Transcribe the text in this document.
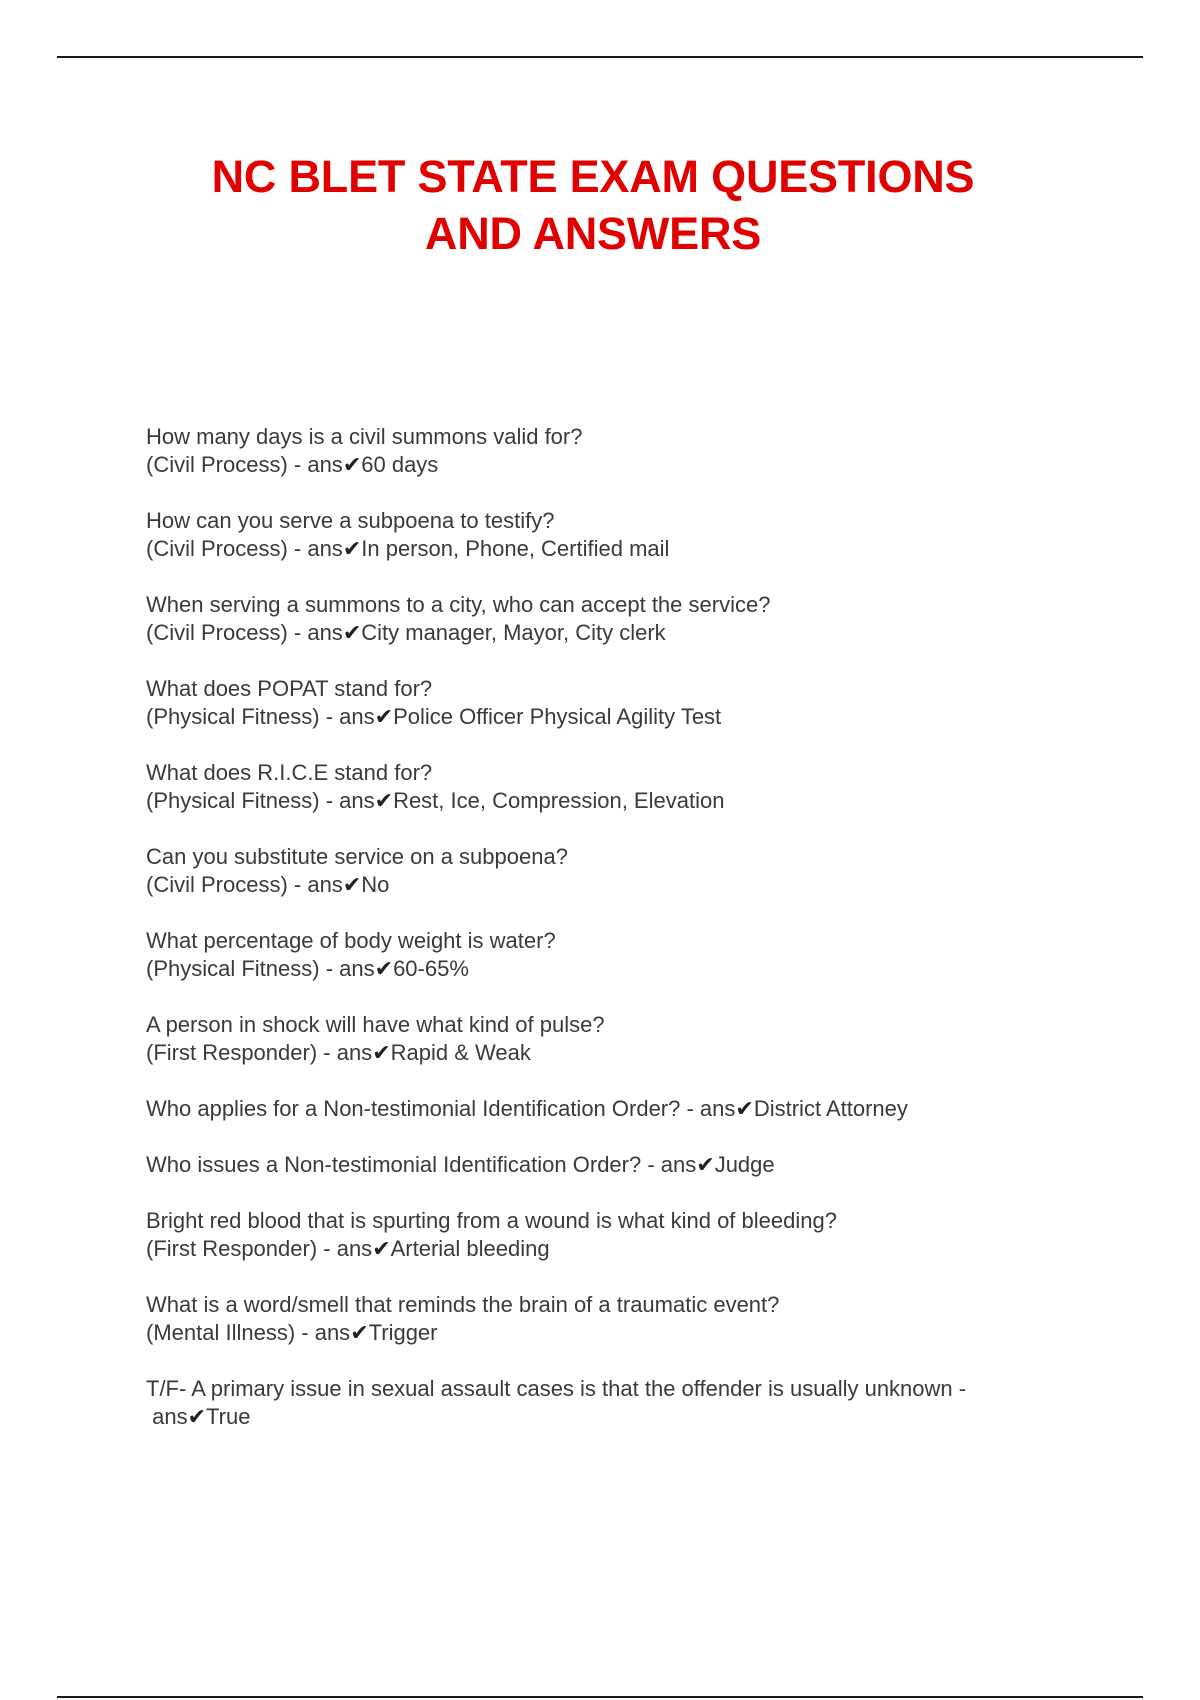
NC BLET STATE EXAM QUESTIONS
AND ANSWERS
How many days is a civil summons valid for?
(Civil Process) - ans✔60 days
How can you serve a subpoena to testify?
(Civil Process) - ans✔In person, Phone, Certified mail
When serving a summons to a city, who can accept the service?
(Civil Process) - ans✔City manager, Mayor, City clerk
What does POPAT stand for?
(Physical Fitness) - ans✔Police Officer Physical Agility Test
What does R.I.C.E stand for?
(Physical Fitness) - ans✔Rest, Ice, Compression, Elevation
Can you substitute service on a subpoena?
(Civil Process) - ans✔No
What percentage of body weight is water?
(Physical Fitness) - ans✔60-65%
A person in shock will have what kind of pulse?
(First Responder) - ans✔Rapid & Weak
Who applies for a Non-testimonial Identification Order? - ans✔District Attorney
Who issues a Non-testimonial Identification Order? - ans✔Judge
Bright red blood that is spurting from a wound is what kind of bleeding?
(First Responder) - ans✔Arterial bleeding
What is a word/smell that reminds the brain of a traumatic event?
(Mental Illness) - ans✔Trigger
T/F- A primary issue in sexual assault cases is that the offender is usually unknown -
ans✔True
